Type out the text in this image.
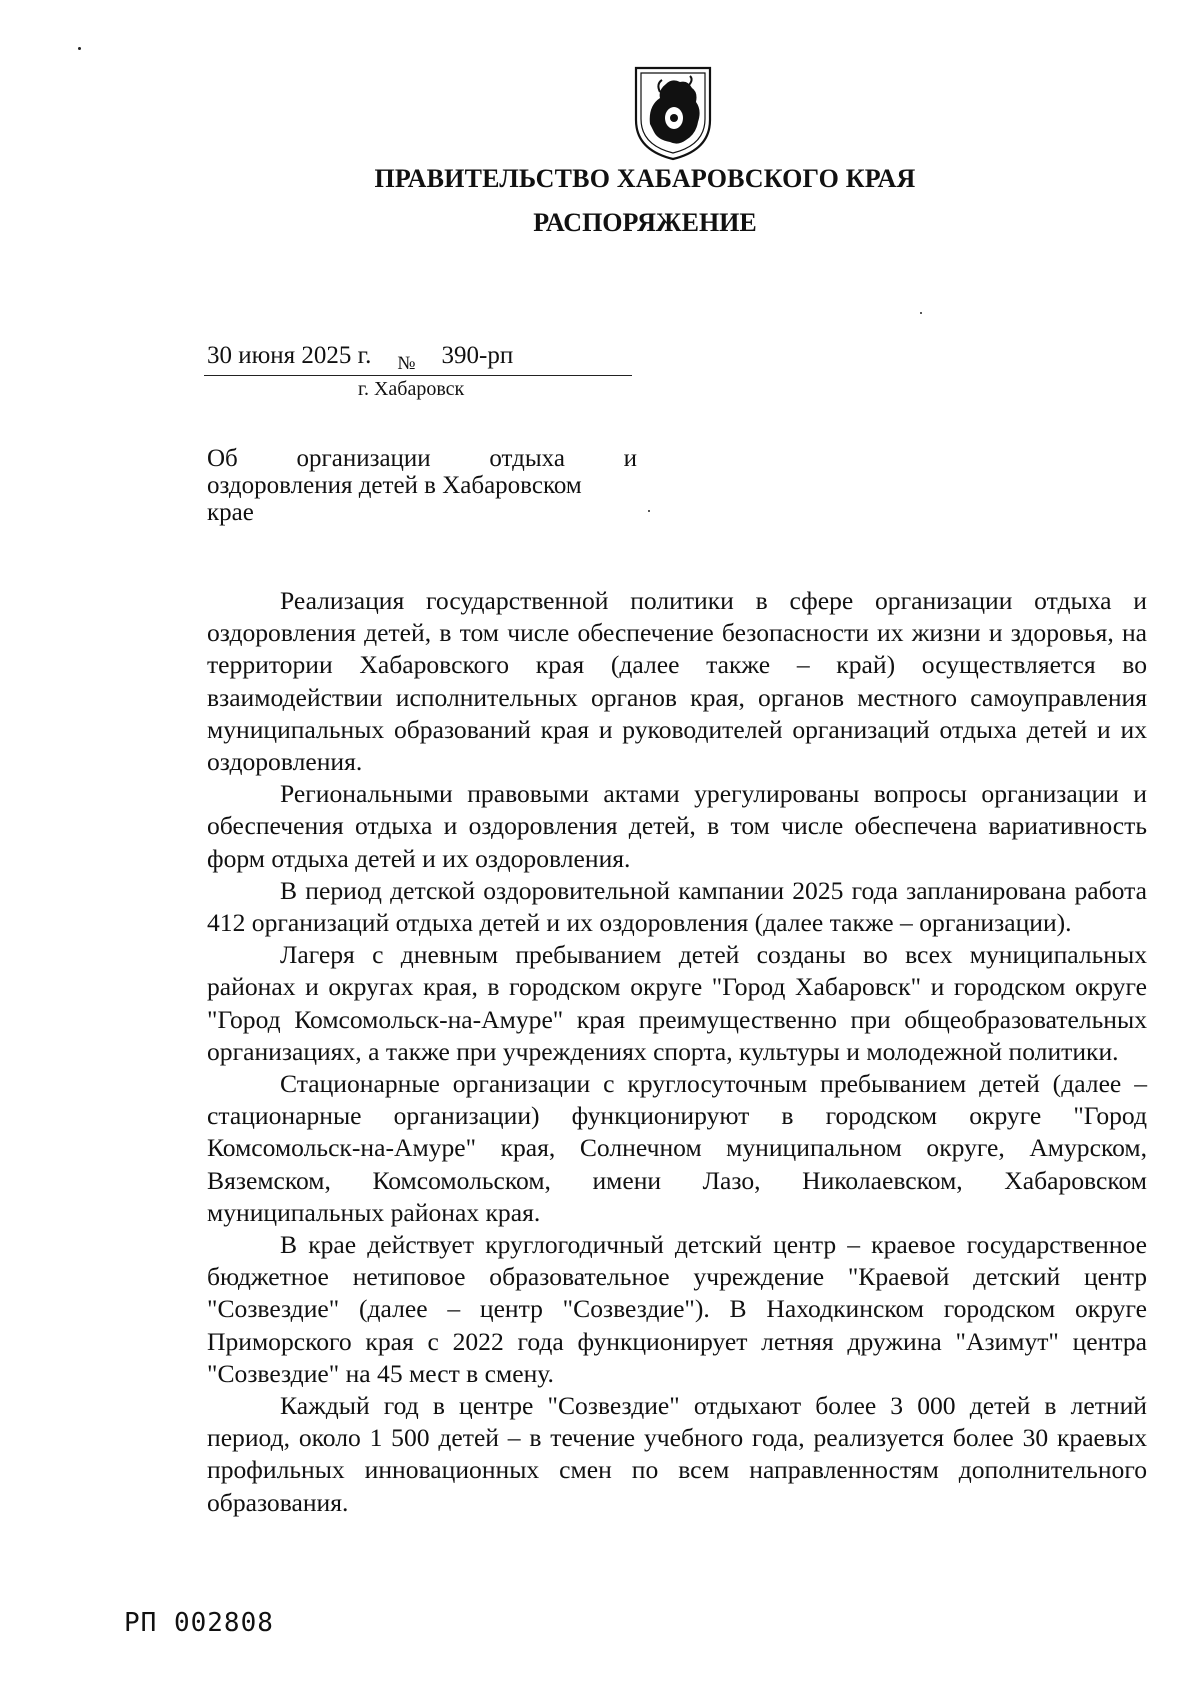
ПРАВИТЕЛЬСТВО ХАБАРОВСКОГО КРАЯ
РАСПОРЯЖЕНИЕ
30 июня 2025 г. $_№$ 390-рп
г. Хабаровск
Об организации отдыха и
оздоровления детей в Хабаровском
крае

Реализация государственной политики в сфере организации отдыха и оздоровления детей, в том числе обеспечение безопасности их жизни и здоровья, на территории Хабаровского края (далее также – край) осуществляется во взаимодействии исполнительных органов края, органов местного самоуправления муниципальных образований края и руководителей организаций отдыха детей и их оздоровления.

Региональными правовыми актами урегулированы вопросы организации и обеспечения отдыха и оздоровления детей, в том числе обеспечена вариативность форм отдыха детей и их оздоровления.

В период детской оздоровительной кампании 2025 года запланирована работа 412 организаций отдыха детей и их оздоровления (далее также – организации).

Лагеря с дневным пребыванием детей созданы во всех муниципальных районах и округах края, в городском округе "Город Хабаровск" и городском округе "Город Комсомольск-на-Амуре" края преимущественно при общеобразовательных организациях, а также при учреждениях спорта, культуры и молодежной политики.

Стационарные организации с круглосуточным пребыванием детей (далее – стационарные организации) функционируют в городском округе "Город Комсомольск-на-Амуре" края, Солнечном муниципальном округе, Амурском, Вяземском, Комсомольском, имени Лазо, Николаевском, Хабаровском муниципальных районах края.

В крае действует круглогодичный детский центр – краевое государственное бюджетное нетиповое образовательное учреждение "Краевой детский центр "Созвездие" (далее – центр "Созвездие"). В Находкинском городском округе Приморского края с 2022 года функционирует летняя дружина "Азимут" центра "Созвездие" на 45 мест в смену.

Каждый год в центре "Созвездие" отдыхают более 3 000 детей в летний период, около 1 500 детей – в течение учебного года, реализуется более 30 краевых профильных инновационных смен по всем направленностям дополнительного образования.

РП 002808
